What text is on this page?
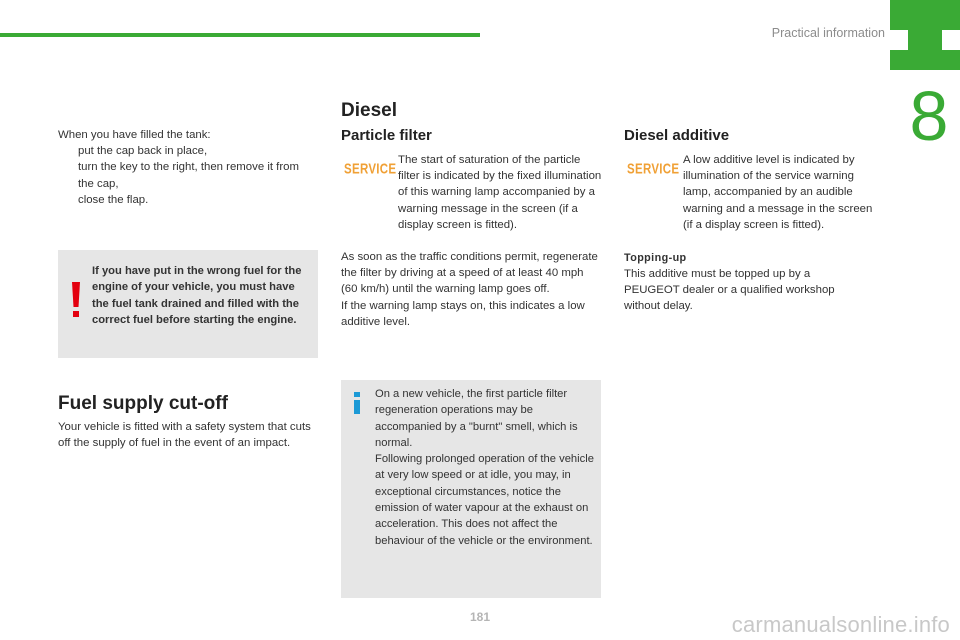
Practical information
8
When you have filled the tank:
put the cap back in place,
turn the key to the right, then remove it from the cap,
close the flap.
If you have put in the wrong fuel for the engine of your vehicle, you must have the fuel tank drained and filled with the correct fuel before starting the engine.
Fuel supply cut-off
Your vehicle is fitted with a safety system that cuts off the supply of fuel in the event of an impact.
Diesel
Particle filter
SERVICE
The start of saturation of the particle filter is indicated by the fixed illumination of this warning lamp accompanied by a warning message in the screen (if a display screen is fitted).
As soon as the traffic conditions permit, regenerate the filter by driving at a speed of at least 40 mph (60 km/h) until the warning lamp goes off.
If the warning lamp stays on, this indicates a low additive level.
On a new vehicle, the first particle filter regeneration operations may be accompanied by a "burnt" smell, which is normal.
Following prolonged operation of the vehicle at very low speed or at idle, you may, in exceptional circumstances, notice the emission of water vapour at the exhaust on acceleration. This does not affect the behaviour of the vehicle or the environment.
Diesel additive
SERVICE
A low additive level is indicated by illumination of the service warning lamp, accompanied by an audible warning and a message in the screen (if a display screen is fitted).
Topping-up
This additive must be topped up by a PEUGEOT dealer or a qualified workshop without delay.
181	carmanualsonline.info
